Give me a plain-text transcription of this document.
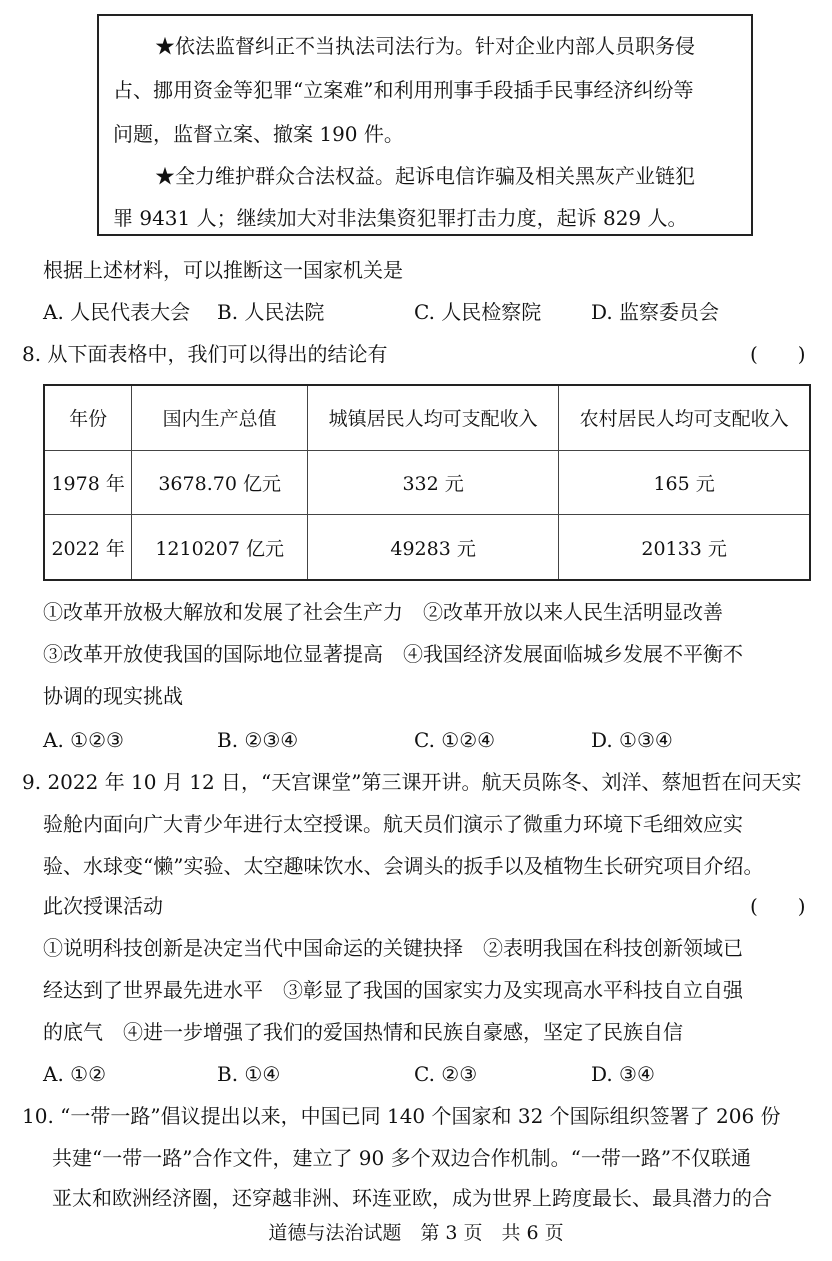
★依法监督纠正不当执法司法行为。针对企业内部人员职务侵
占、挪用资金等犯罪“立案难”和利用刑事手段插手民事经济纠纷等
问题，监督立案、撤案 190 件。
★全力维护群众合法权益。起诉电信诈骗及相关黑灰产业链犯
罪 9431 人；继续加大对非法集资犯罪打击力度，起诉 829 人。
根据上述材料，可以推断这一国家机关是
A. 人民代表大会 B. 人民法院	C. 人民检察院 D. 监察委员会
8. 从下面表格中，我们可以得出的结论有	(　　)
年份	国内生产总值	城镇居民人均可支配收入	农村居民人均可支配收入
1978 年	3678.70 亿元	332 元	165 元
2022 年	1210207 亿元	49283 元	20133 元
①改革开放极大解放和发展了社会生产力　②改革开放以来人民生活明显改善
③改革开放使我国的国际地位显著提高　④我国经济发展面临城乡发展不平衡不
协调的现实挑战
A. ①②③	B. ②③④	C. ①②④	D. ①③④
9. 2022 年 10 月 12 日，“天宫课堂”第三课开讲。航天员陈冬、刘洋、蔡旭哲在问天实
验舱内面向广大青少年进行太空授课。航天员们演示了微重力环境下毛细效应实
验、水球变“懒”实验、太空趣味饮水、会调头的扳手以及植物生长研究项目介绍。
此次授课活动	(　　)
①说明科技创新是决定当代中国命运的关键抉择　②表明我国在科技创新领域已
经达到了世界最先进水平　③彰显了我国的国家实力及实现高水平科技自立自强
的底气　④进一步增强了我们的爱国热情和民族自豪感，坚定了民族自信
A. ①②	B. ①④	C. ②③	D. ③④
10. “一带一路”倡议提出以来，中国已同 140 个国家和 32 个国际组织签署了 206 份
共建“一带一路”合作文件，建立了 90 多个双边合作机制。“一带一路”不仅联通
亚太和欧洲经济圈，还穿越非洲、环连亚欧，成为世界上跨度最长、最具潜力的合
道德与法治试题　第 3 页　共 6 页
